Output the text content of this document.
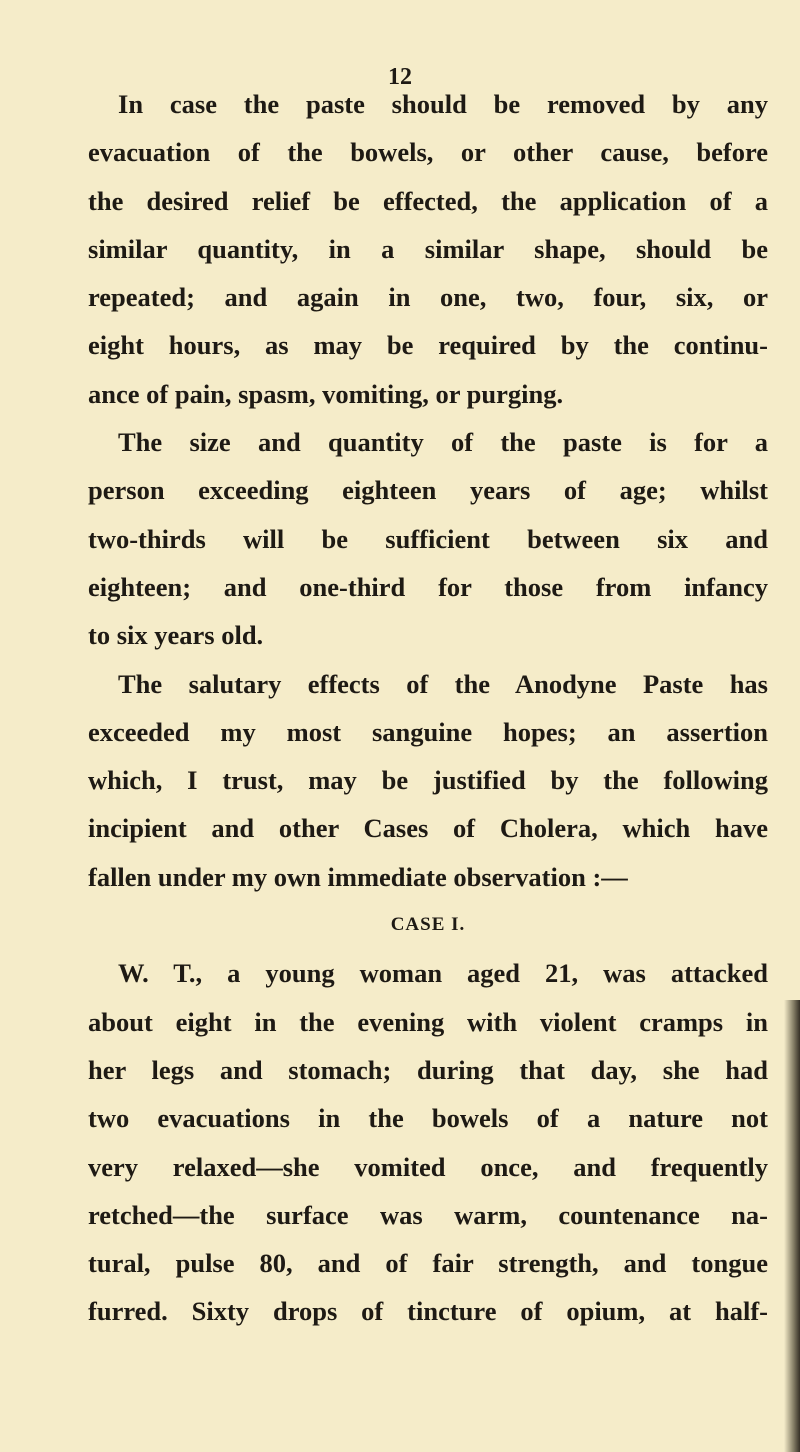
12
In case the paste should be removed by any
evacuation of the bowels, or other cause, before
the desired relief be effected, the application of a
similar quantity, in a similar shape, should be
repeated; and again in one, two, four, six, or
eight hours, as may be required by the continu-
ance of pain, spasm, vomiting, or purging.
The size and quantity of the paste is for a
person exceeding eighteen years of age; whilst
two-thirds will be sufficient between six and
eighteen; and one-third for those from infancy
to six years old.
The salutary effects of the Anodyne Paste has
exceeded my most sanguine hopes; an assertion
which, I trust, may be justified by the following
incipient and other Cases of Cholera, which have
fallen under my own immediate observation :—
CASE I.
W. T., a young woman aged 21, was attacked
about eight in the evening with violent cramps in
her legs and stomach; during that day, she had
two evacuations in the bowels of a nature not
very relaxed—she vomited once, and frequently
retched—the surface was warm, countenance na-
tural, pulse 80, and of fair strength, and tongue
furred. Sixty drops of tincture of opium, at half-
